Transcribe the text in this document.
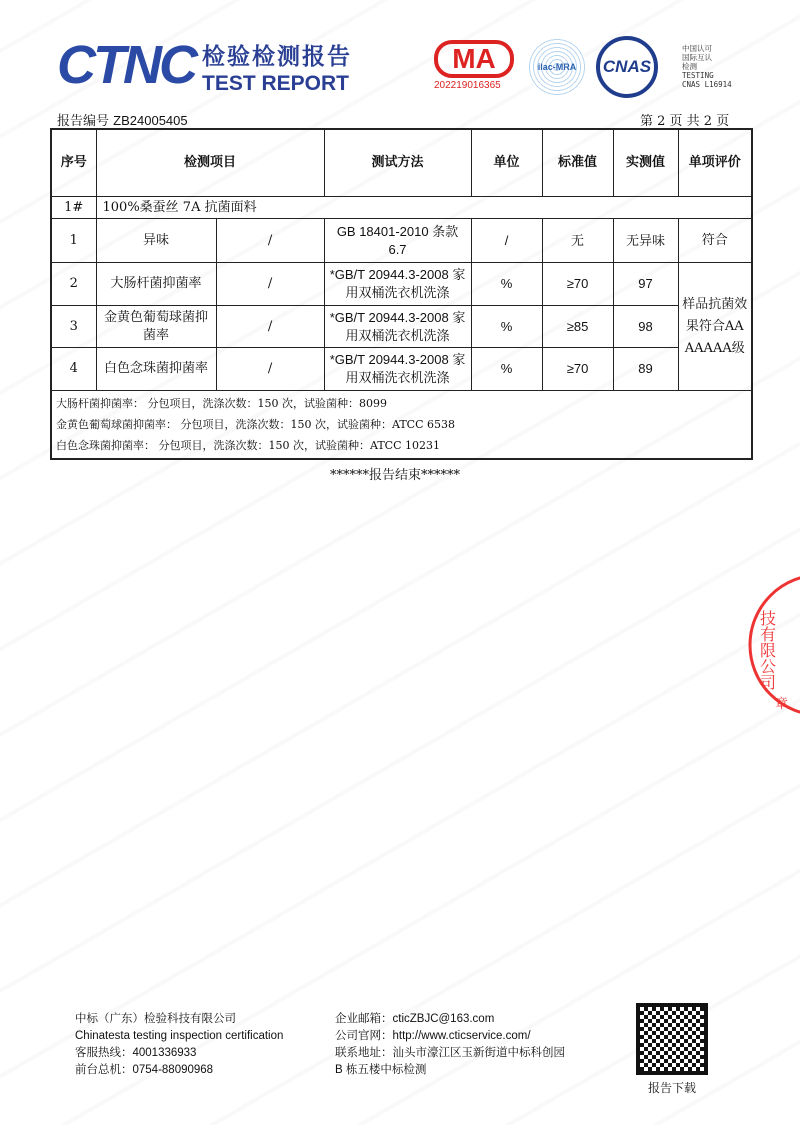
CTNC 检验检测报告
TEST REPORT
MA
202219016365
ilac-MRA	CNAS
中国认可
国际互认
检测
TESTING
CNAS L16914
报告编号 ZB24005405	第 2 页 共 2 页
序号	检测项目		测试方法	单位	标准值	实测值	单项评价
1#	100%桑蚕丝 7A 抗菌面料						
1	异味	/	GB 18401-2010 条款 6.7	/	无	无异味	符合
2	大肠杆菌抑菌率	/	*GB/T 20944.3-2008 家用双桶洗衣机洗涤	%	≥70	97	样品抗菌效果符合AAAAAAA级
3	金黄色葡萄球菌抑菌率	/	*GB/T 20944.3-2008 家用双桶洗衣机洗涤	%	≥85	98	
4	白色念珠菌抑菌率	/	*GB/T 20944.3-2008 家用双桶洗衣机洗涤	%	≥70	89	

大肠杆菌抑菌率： 分包项目，洗涤次数：150 次，试验菌种：8099
金黄色葡萄球菌抑菌率： 分包项目，洗涤次数：150 次，试验菌种：ATCC 6538
白色念珠菌抑菌率： 分包项目，洗涤次数：150 次，试验菌种：ATCC 10231							
******报告结束******
技有限公司
章
中标（广东）检验科技有限公司
Chinatesta testing inspection certification
客服热线：4001336933
前台总机：0754-88090968
企业邮箱：cticZBJC@163.com
公司官网：http://www.cticservice.com/
联系地址：汕头市濠江区玉新街道中标科创园
B 栋五楼中标检测
报告下载
